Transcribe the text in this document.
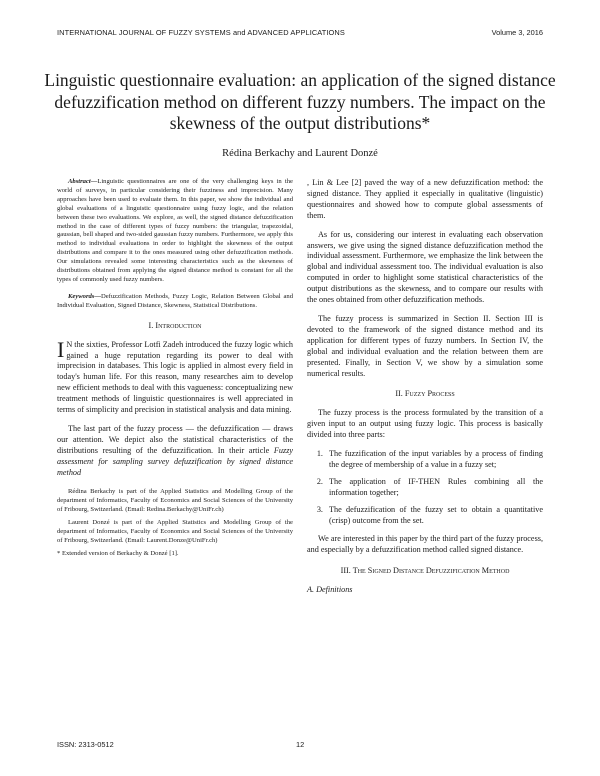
INTERNATIONAL JOURNAL OF FUZZY SYSTEMS and ADVANCED APPLICATIONS	Volume 3, 2016
Linguistic questionnaire evaluation: an application of the signed distance defuzzification method on different fuzzy numbers. The impact on the skewness of the output distributions*
Rédina Berkachy and Laurent Donzé

Abstract—Linguistic questionnaires are one of the very challenging keys in the world of surveys, in particular considering their fuzziness and imprecision. Many approaches have been used to evaluate them. In this paper, we show the individual and global evaluations of a linguistic questionnaire using fuzzy logic, and the relation between these two evaluations. We explore, as well, the signed distance defuzzification method in the case of different types of fuzzy numbers: the triangular, trapezoidal, gaussian, bell shaped and two-sided gaussian fuzzy numbers. Furthermore, we apply this method to individual evaluations in order to highlight the skewness of the output distributions and compare it to the ones measured using other defuzzification methods. Our simulations revealed some interesting characteristics such as the skewness of distributions obtained from applying the signed distance method is constant for all the types of commonly used fuzzy numbers.

Keywords—Defuzzification Methods, Fuzzy Logic, Relation Between Global and Individual Evaluation, Signed Distance, Skewness, Statistical Distributions.

I. Introduction

I N the sixties, Professor Lotfi Zadeh introduced the fuzzy logic which gained a huge reputation regarding its power to deal with imprecision in databases. This logic is applied in almost every field in today's human life. For this reason, many researches aim to develop new efficient methods to deal with this vagueness: conceptualizing new treatment methods of linguistic questionnaires is well appreciated in terms of simplicity and precision in statistical analysis and data mining.

The last part of the fuzzy process — the defuzzification — draws our attention. We depict also the statistical characteristics of the distributions resulting of the defuzzification. In their article Fuzzy assessment for sampling survey defuzzification by signed distance method

Rédina Berkachy is part of the Applied Statistics and Modelling Group of the department of Informatics, Faculty of Economics and Social Sciences of the University of Fribourg, Switzerland. (Email: Redina.Berkachy@UniFr.ch)

Laurent Donzé is part of the Applied Statistics and Modelling Group of the department of Informatics, Faculty of Economics and Social Sciences of the University of Fribourg, Switzerland. (Email: Laurent.Donze@UniFr.ch)

* Extended version of Berkachy & Donzé [1].

, Lin & Lee [2] paved the way of a new defuzzification method: the signed distance. They applied it especially in qualitative (linguistic) questionnaires and showed how to compute global assessments of them.

As for us, considering our interest in evaluating each observation answers, we give using the signed distance defuzzification method the individual assessment. Furthermore, we emphasize the link between the global and individual assessment too. The individual evaluation is also computed in order to highlight some statistical characteristics of the output distributions as the skewness, and to compare our results with the ones obtained from other defuzzification methods.

The fuzzy process is summarized in Section II. Section III is devoted to the framework of the signed distance method and its application for different types of fuzzy numbers. In Section IV, the global and individual evaluation and the relation between them are presented. Finally, in Section V, we show by a simulation some numerical results.

II. Fuzzy Process

The fuzzy process is the process formulated by the transition of a given input to an output using fuzzy logic. This process is basically divided into three parts:

1. The fuzzification of the input variables by a process of finding the degree of membership of a value in a fuzzy set;
2. The application of IF-THEN Rules combining all the information together;
3. The defuzzification of the fuzzy set to obtain a quantitative (crisp) outcome from the set.

We are interested in this paper by the third part of the fuzzy process, and especially by a defuzzification method called signed distance.

III. The Signed Distance Defuzzification Method
A. Definitions
ISSN: 2313-0512	12
